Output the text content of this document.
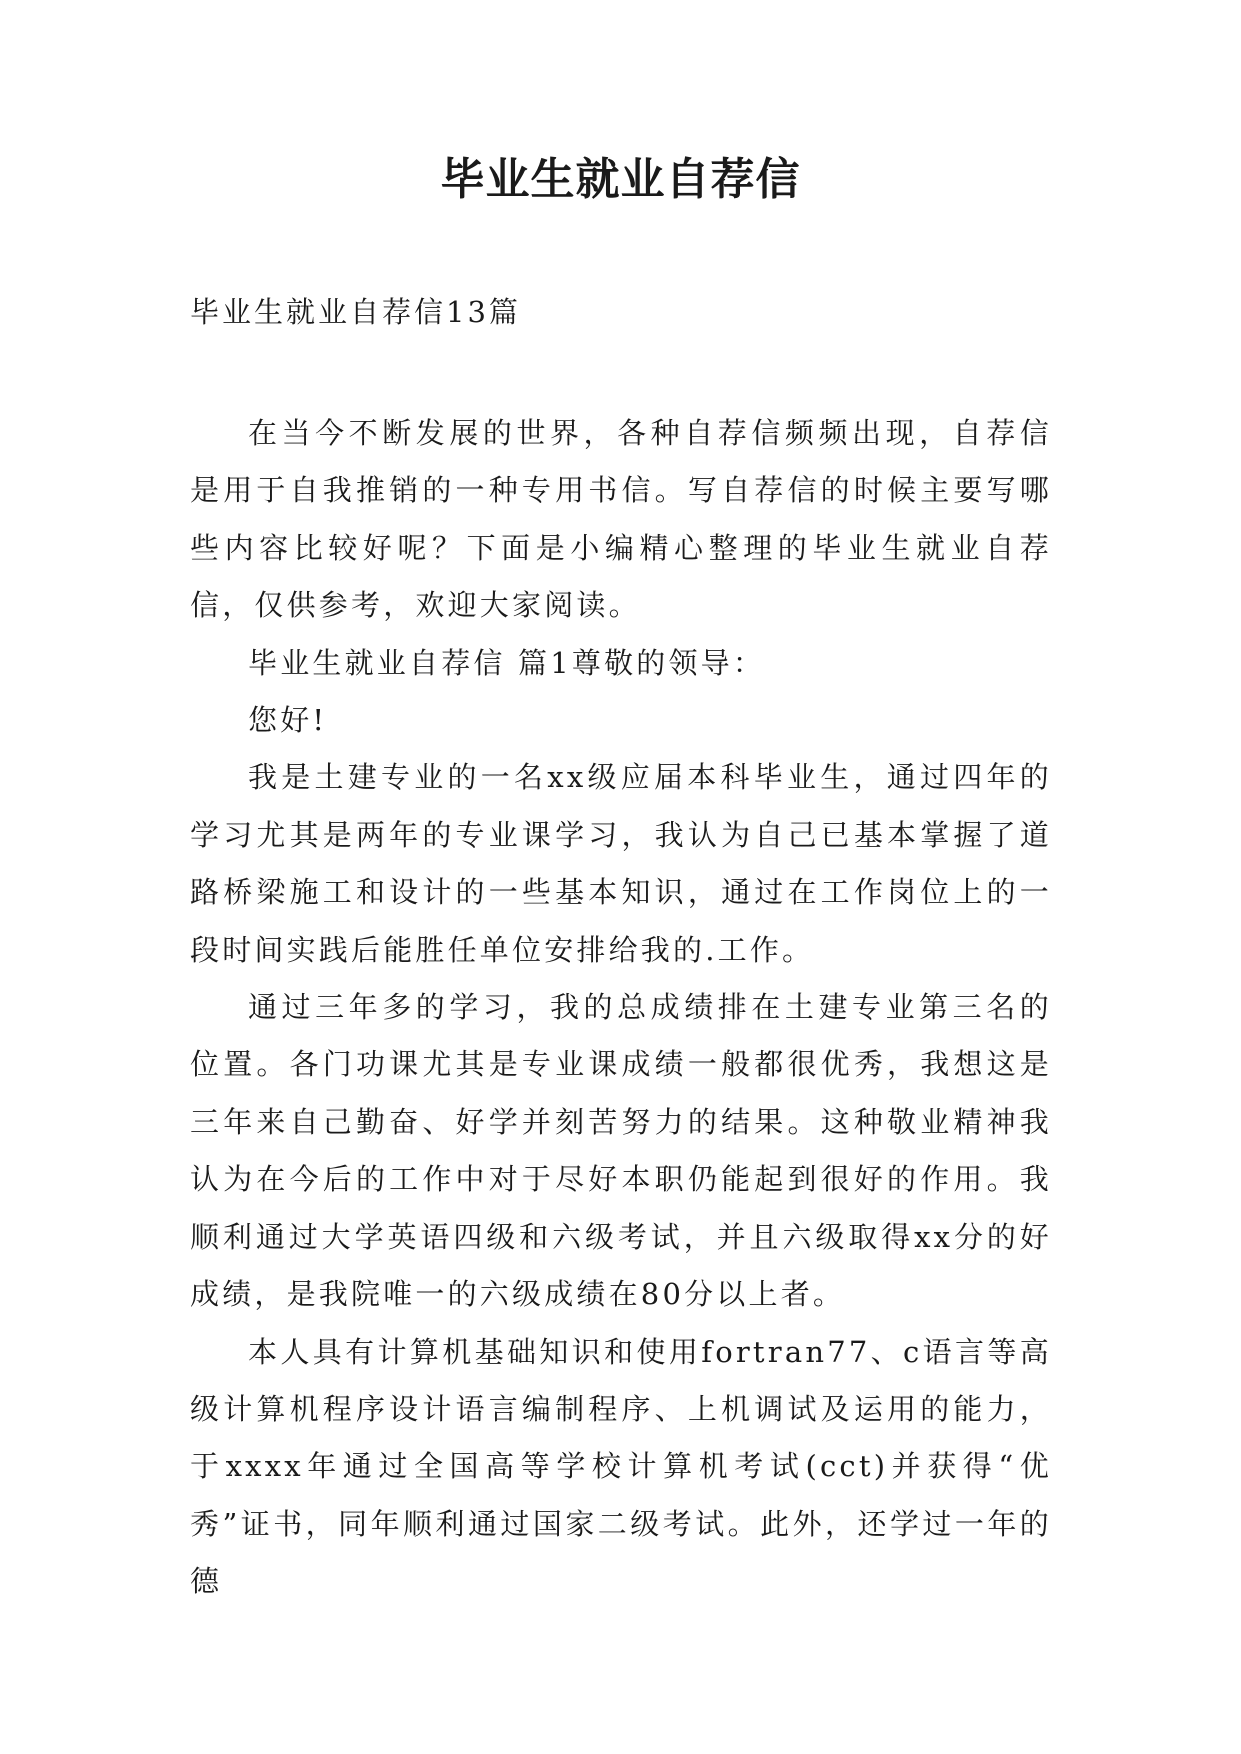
毕业生就业自荐信
毕业生就业自荐信13篇

在当今不断发展的世界，各种自荐信频频出现，自荐信是用于自我推销的一种专用书信。写自荐信的时候主要写哪些内容比较好呢？下面是小编精心整理的毕业生就业自荐信，仅供参考，欢迎大家阅读。

毕业生就业自荐信 篇1尊敬的领导：

您好!

我是土建专业的一名xx级应届本科毕业生，通过四年的学习尤其是两年的专业课学习，我认为自己已基本掌握了道路桥梁施工和设计的一些基本知识，通过在工作岗位上的一段时间实践后能胜任单位安排给我的.工作。

通过三年多的学习，我的总成绩排在土建专业第三名的位置。各门功课尤其是专业课成绩一般都很优秀，我想这是三年来自己勤奋、好学并刻苦努力的结果。这种敬业精神我认为在今后的工作中对于尽好本职仍能起到很好的作用。我顺利通过大学英语四级和六级考试，并且六级取得xx分的好成绩，是我院唯一的六级成绩在80分以上者。

本人具有计算机基础知识和使用fortran77、c语言等高级计算机程序设计语言编制程序、上机调试及运用的能力，于xxxx年通过全国高等学校计算机考试(cct)并获得“优秀”证书，同年顺利通过国家二级考试。此外，还学过一年的德
